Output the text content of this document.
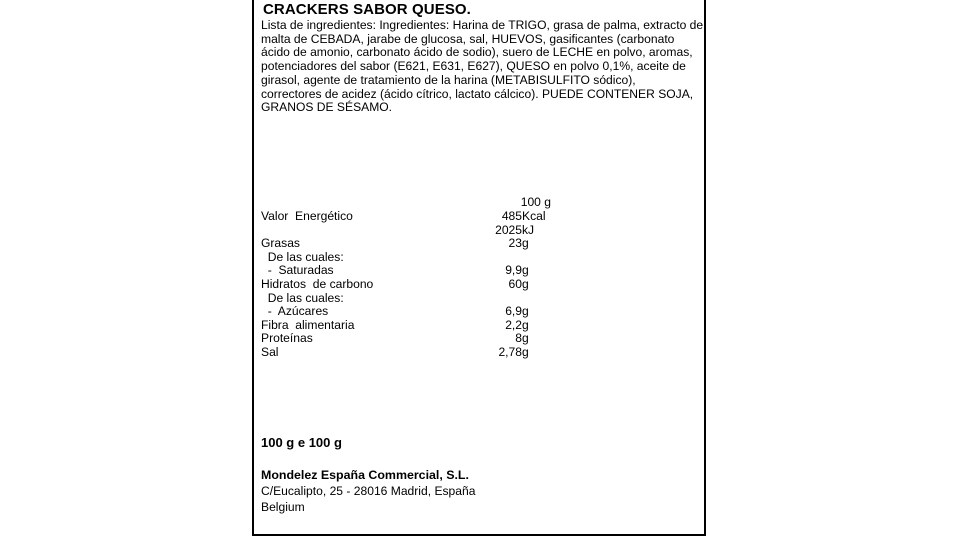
CRACKERS SABOR QUESO.
Lista de ingredientes: Ingredientes: Harina de TRIGO, grasa de palma, extracto de
malta de CEBADA, jarabe de glucosa, sal, HUEVOS, gasificantes (carbonato
ácido de amonio, carbonato ácido de sodio), suero de LECHE en polvo, aromas,
potenciadores del sabor (E621, E631, E627), QUESO en polvo 0,1%, aceite de
girasol, agente de tratamiento de la harina (METABISULFITO sódico),
correctores de acidez (ácido cítrico, lactato cálcico). PUEDE CONTENER SOJA,
GRANOS DE SÉSAMO.
100 g
Valor  Energético	485 Kcal
2025 kJ
Grasas	23 g
De las cuales:
-  Saturadas	9,9 g
Hidratos  de carbono	60 g
De las cuales:
-  Azúcares	6,9 g
Fibra  alimentaria	2,2 g
Proteínas	8 g
Sal	2,78 g
100 g e 100 g
Mondelez España Commercial, S.L.
C/Eucalipto, 25 - 28016 Madrid, España
Belgium
